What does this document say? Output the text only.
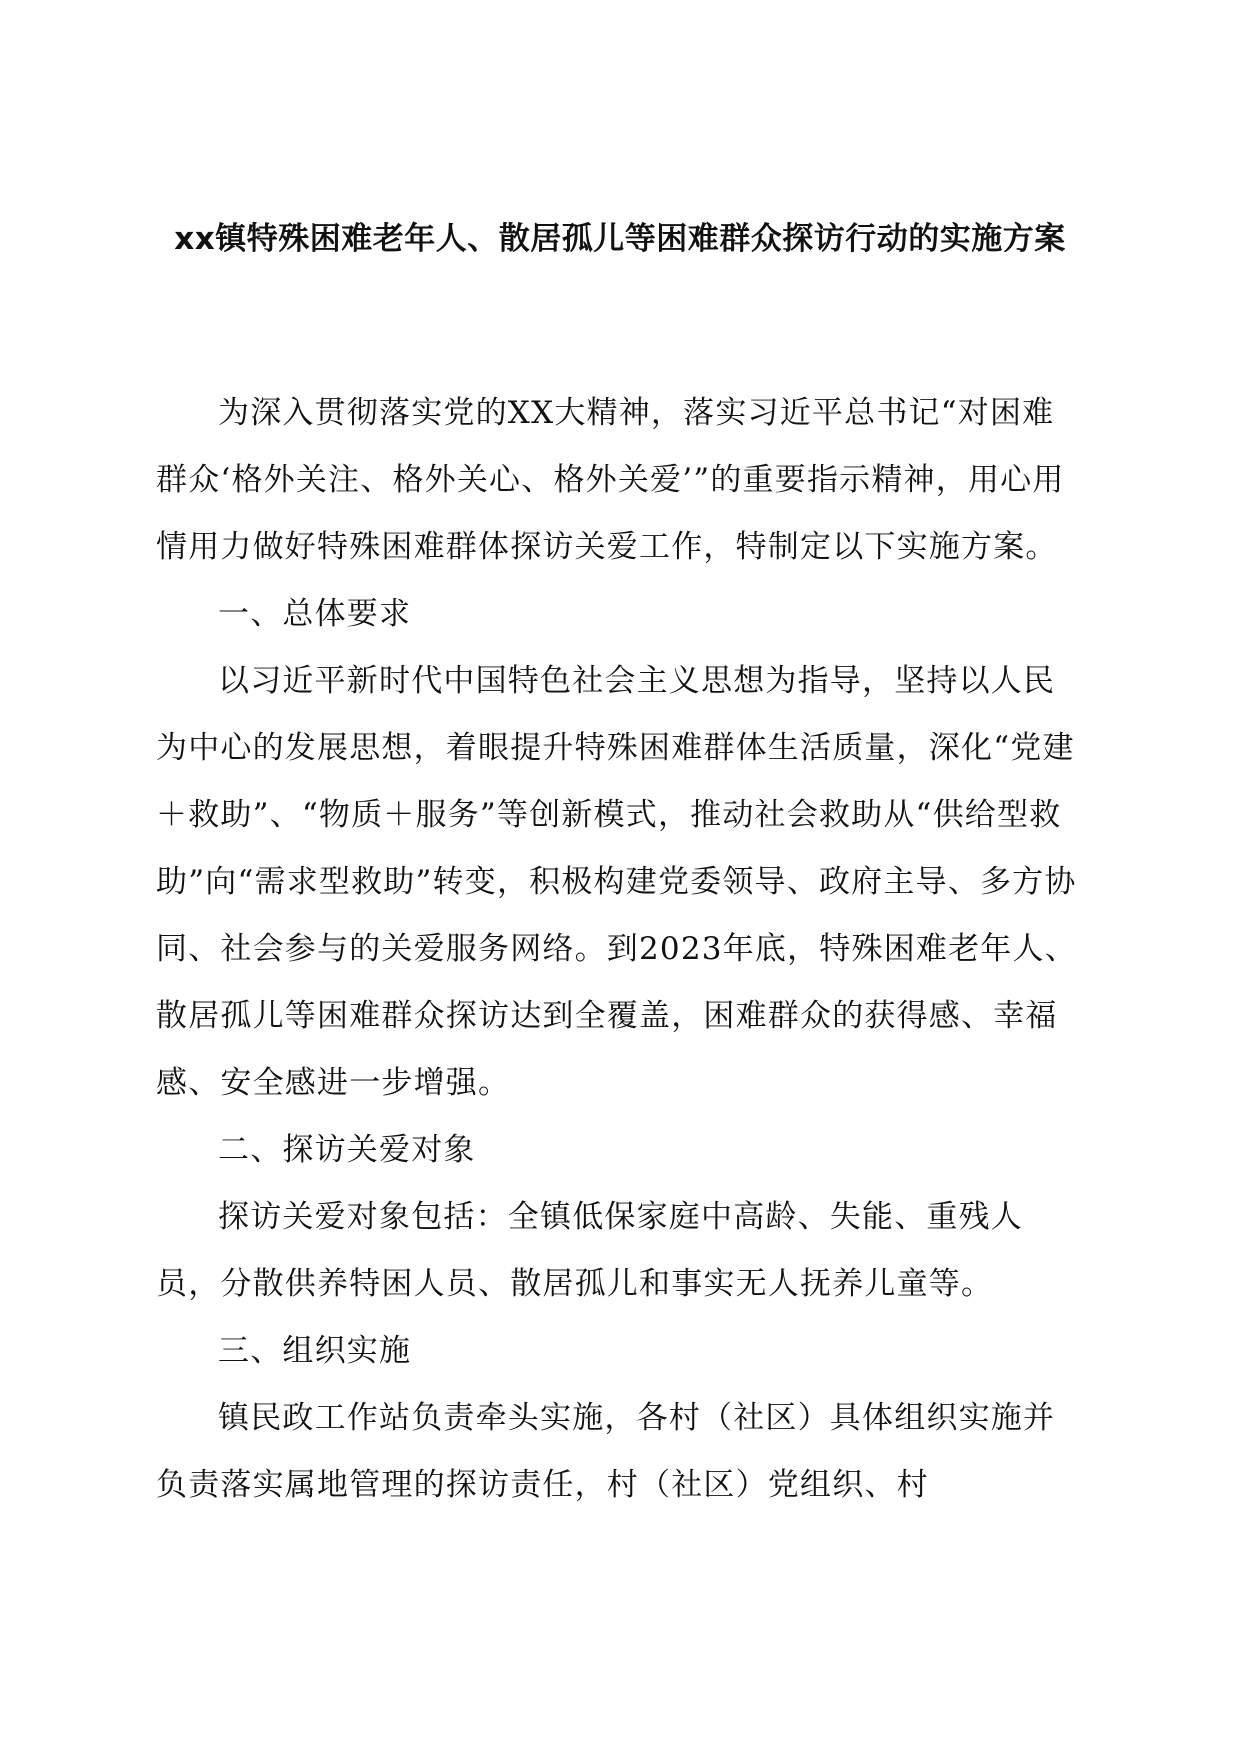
xx镇特殊困难老年人、散居孤儿等困难群众探访行动的实施方案

为深入贯彻落实党的XX大精神，落实习近平总书记“对困难群众‘格外关注、格外关心、格外关爱’”的重要指示精神，用心用情用力做好特殊困难群体探访关爱工作，特制定以下实施方案。

一、总体要求

以习近平新时代中国特色社会主义思想为指导，坚持以人民为中心的发展思想，着眼提升特殊困难群体生活质量，深化“党建＋救助”、“物质＋服务”等创新模式，推动社会救助从“供给型救助”向“需求型救助”转变，积极构建党委领导、政府主导、多方协同、社会参与的关爱服务网络。到2023年底，特殊困难老年人、散居孤儿等困难群众探访达到全覆盖，困难群众的获得感、幸福感、安全感进一步增强。

二、探访关爱对象

探访关爱对象包括：全镇低保家庭中高龄、失能、重残人员，分散供养特困人员、散居孤儿和事实无人抚养儿童等。

三、组织实施

镇民政工作站负责牵头实施，各村（社区）具体组织实施并负责落实属地管理的探访责任，村（社区）党组织、村
